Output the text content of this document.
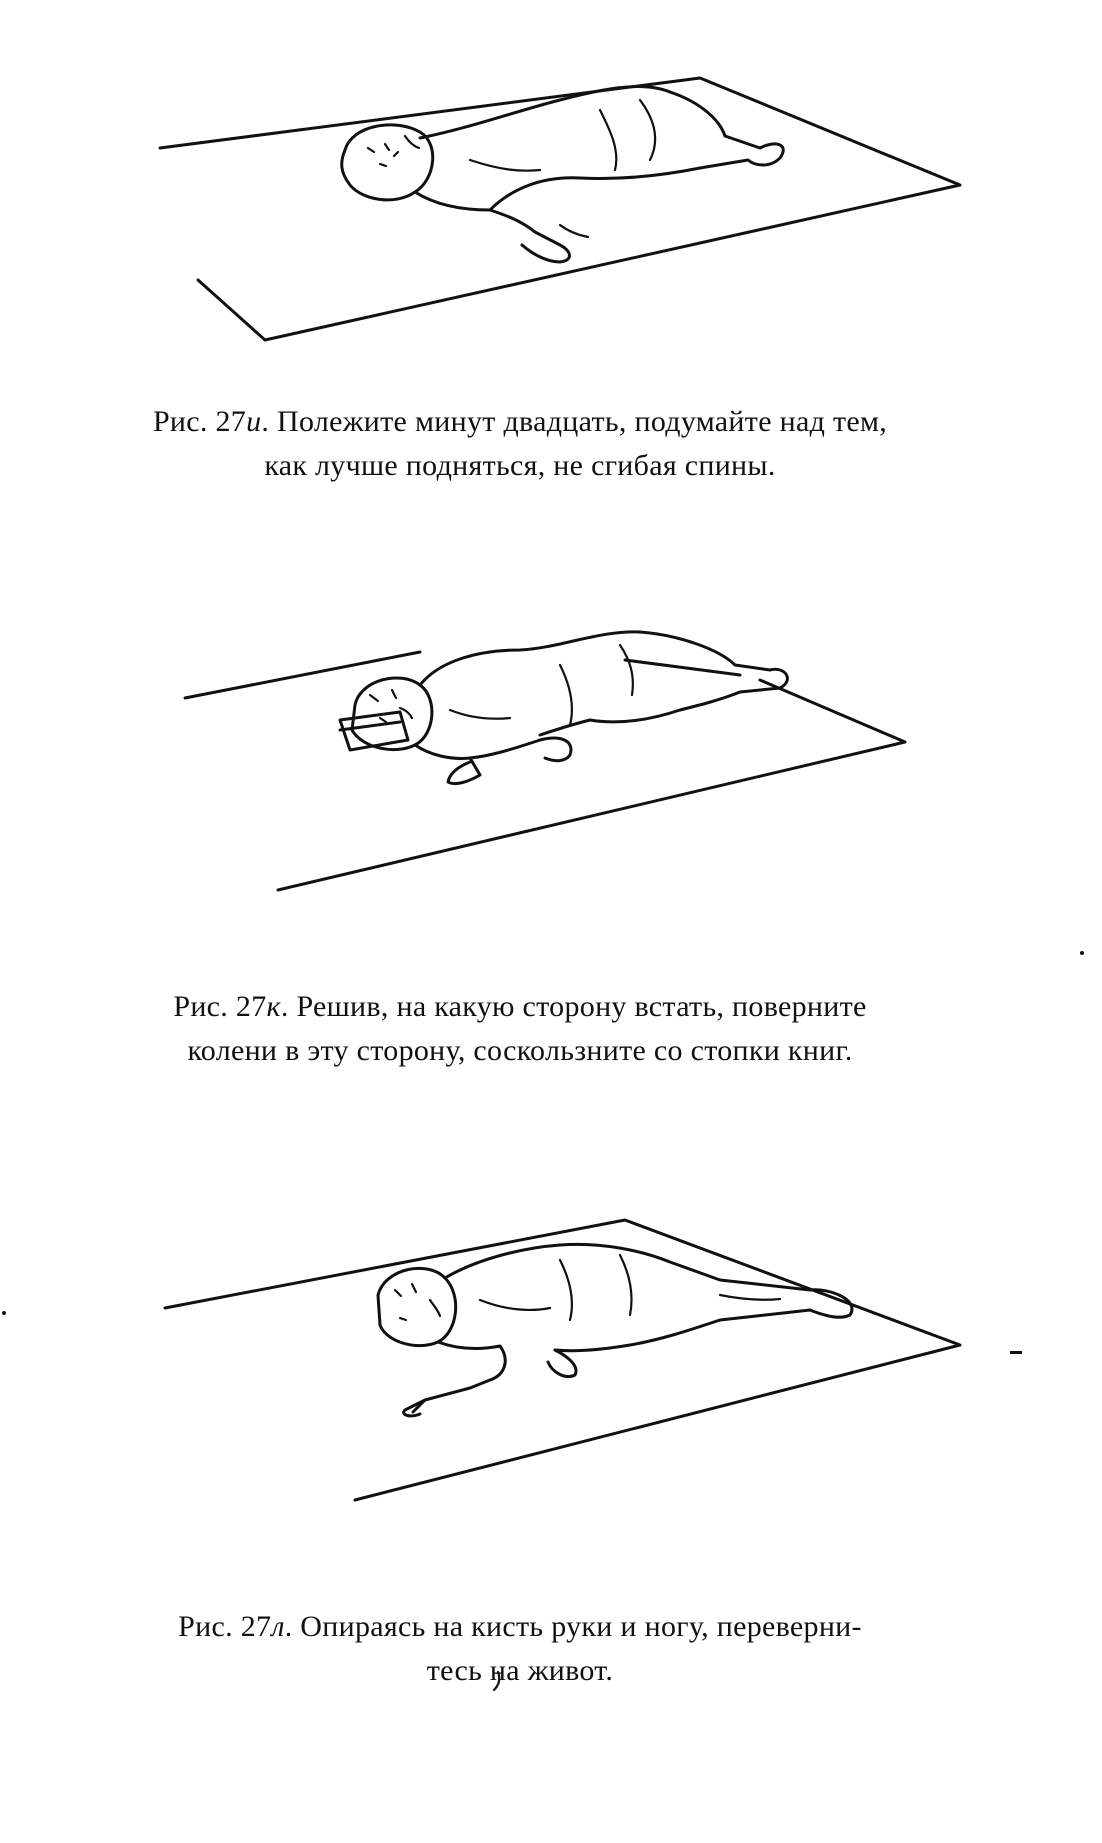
Рис. 27и. Полежите минут двадцать, подумайте над тем,
как лучше подняться, не сгибая спины.
Рис. 27к. Решив, на какую сторону встать, поверните
колени в эту сторону, соскользните со стопки книг.
Рис. 27л. Опираясь на кисть руки и ногу, переверни-
тесь на живот.
